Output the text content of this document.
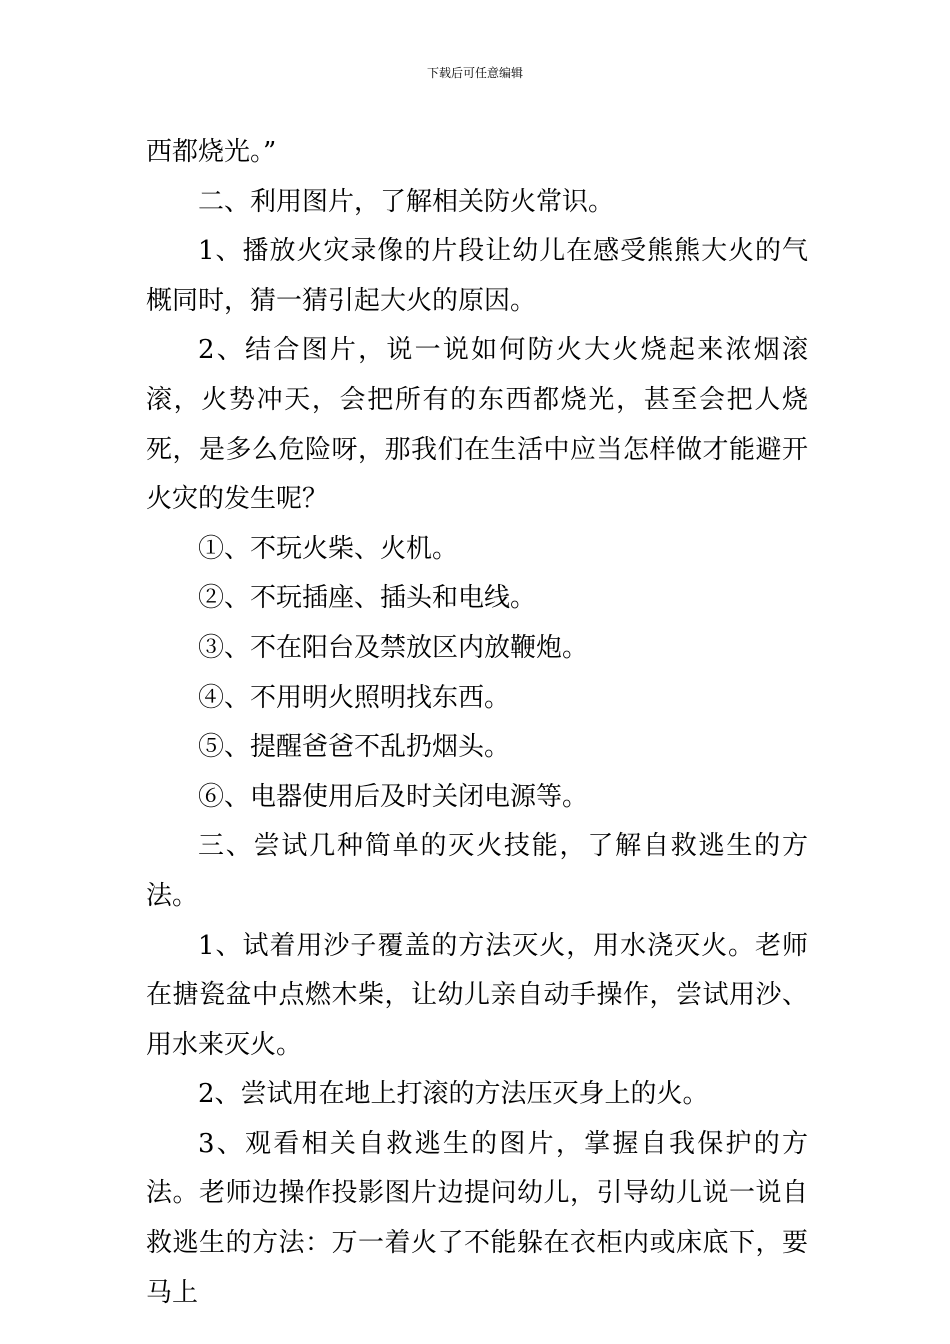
下载后可任意编辑

西都烧光。”

二、利用图片，了解相关防火常识。

1、播放火灾录像的片段让幼儿在感受熊熊大火的气概同时，猜一猜引起大火的原因。

2、结合图片，说一说如何防火大火烧起来浓烟滚滚，火势冲天，会把所有的东西都烧光，甚至会把人烧死，是多么危险呀，那我们在生活中应当怎样做才能避开火灾的发生呢？

①、不玩火柴、火机。

②、不玩插座、插头和电线。

③、不在阳台及禁放区内放鞭炮。

④、不用明火照明找东西。

⑤、提醒爸爸不乱扔烟头。

⑥、电器使用后及时关闭电源等。

三、尝试几种简单的灭火技能，了解自救逃生的方法。

1、试着用沙子覆盖的方法灭火，用水浇灭火。老师在搪瓷盆中点燃木柴，让幼儿亲自动手操作，尝试用沙、用水来灭火。

2、尝试用在地上打滚的方法压灭身上的火。

3、观看相关自救逃生的图片，掌握自我保护的方法。老师边操作投影图片边提问幼儿，引导幼儿说一说自救逃生的方法：万一着火了不能躲在衣柜内或床底下，要马上
